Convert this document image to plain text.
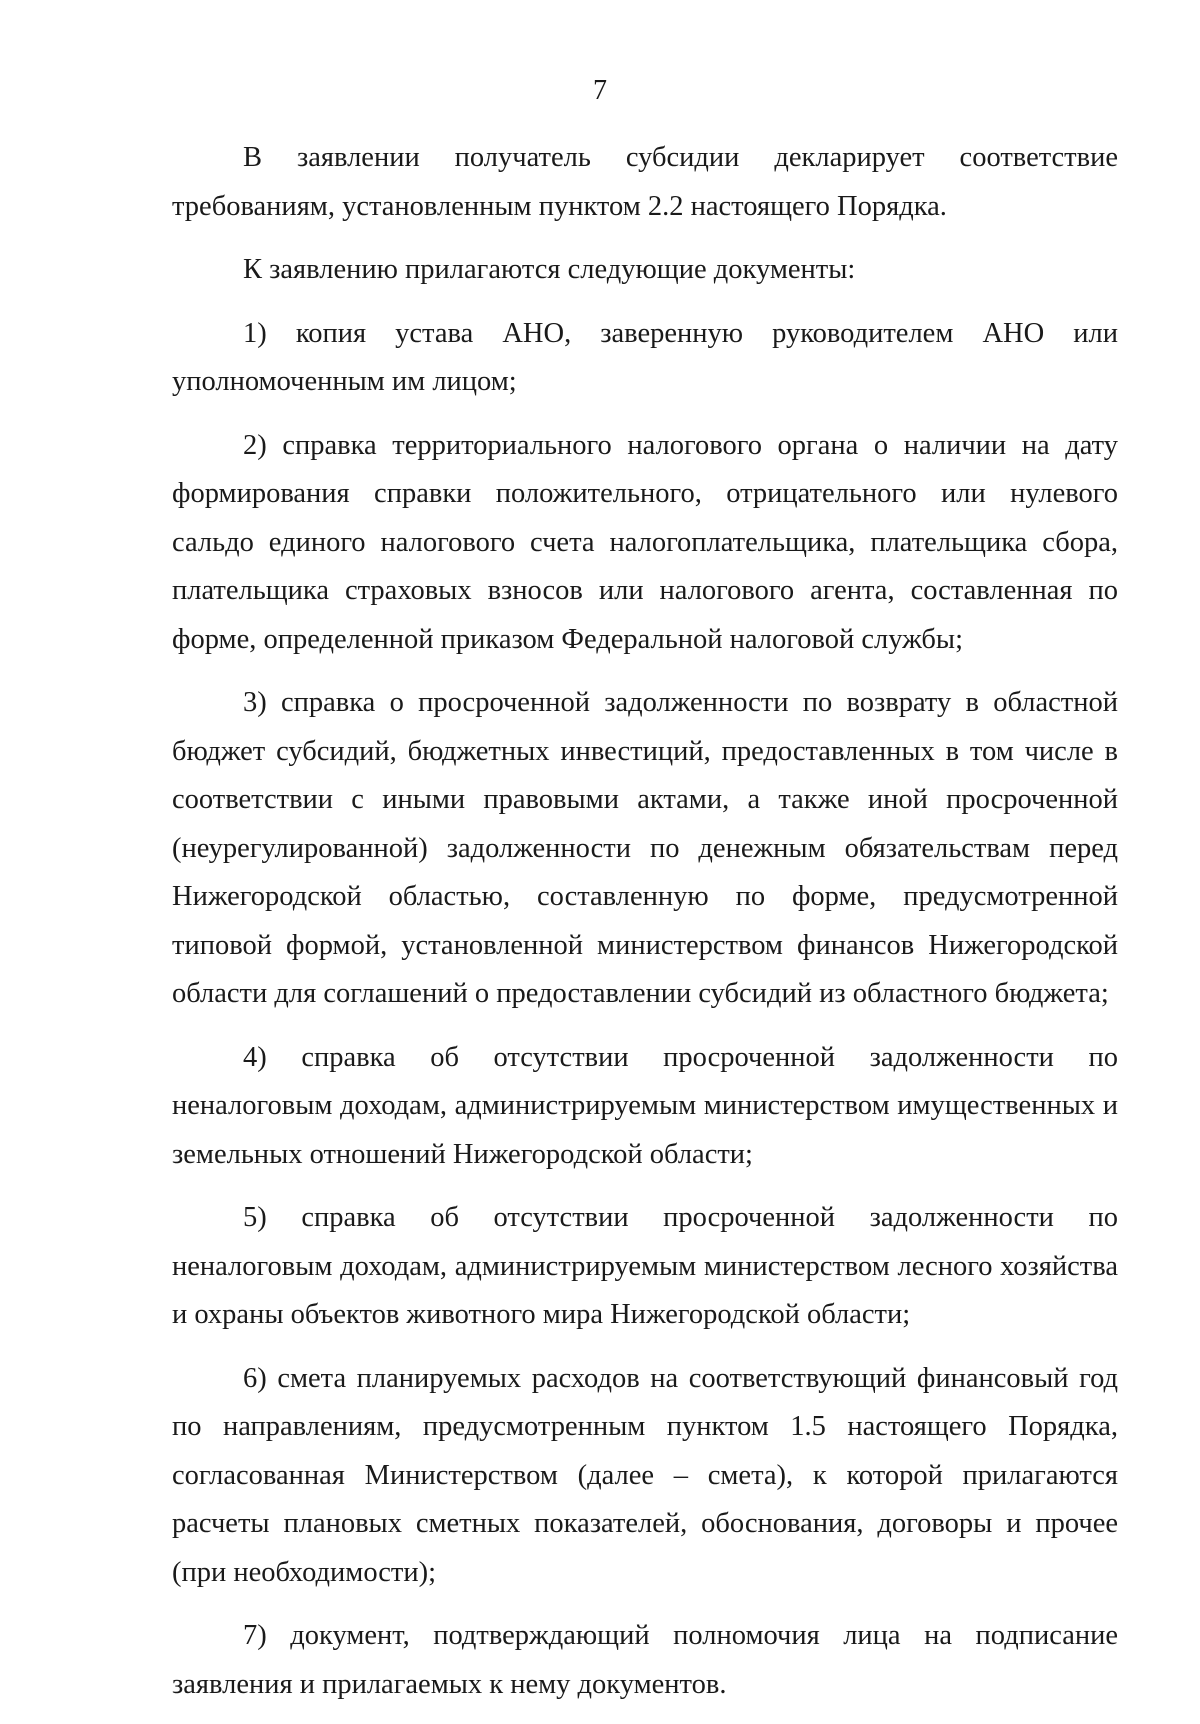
7

В заявлении получатель субсидии декларирует соответствие требованиям, установленным пунктом 2.2 настоящего Порядка.

К заявлению прилагаются следующие документы:

1) копия устава АНО, заверенную руководителем АНО или уполномоченным им лицом;

2) справка территориального налогового органа о наличии на дату формирования справки положительного, отрицательного или нулевого сальдо единого налогового счета налогоплательщика, плательщика сбора, плательщика страховых взносов или налогового агента, составленная по форме, определенной приказом Федеральной налоговой службы;

3) справка о просроченной задолженности по возврату в областной бюджет субсидий, бюджетных инвестиций, предоставленных в том числе в соответствии с иными правовыми актами, а также иной просроченной (неурегулированной) задолженности по денежным обязательствам перед Нижегородской областью, составленную по форме, предусмотренной типовой формой, установленной министерством финансов Нижегородской области для соглашений о предоставлении субсидий из областного бюджета;

4) справка об отсутствии просроченной задолженности по неналоговым доходам, администрируемым министерством имущественных и земельных отношений Нижегородской области;

5) справка об отсутствии просроченной задолженности по неналоговым доходам, администрируемым министерством лесного хозяйства и охраны объектов животного мира Нижегородской области;

6) смета планируемых расходов на соответствующий финансовый год по направлениям, предусмотренным пунктом 1.5 настоящего Порядка, согласованная Министерством (далее – смета), к которой прилагаются расчеты плановых сметных показателей, обоснования, договоры и прочее (при необходимости);

7) документ, подтверждающий полномочия лица на подписание заявления и прилагаемых к нему документов.
